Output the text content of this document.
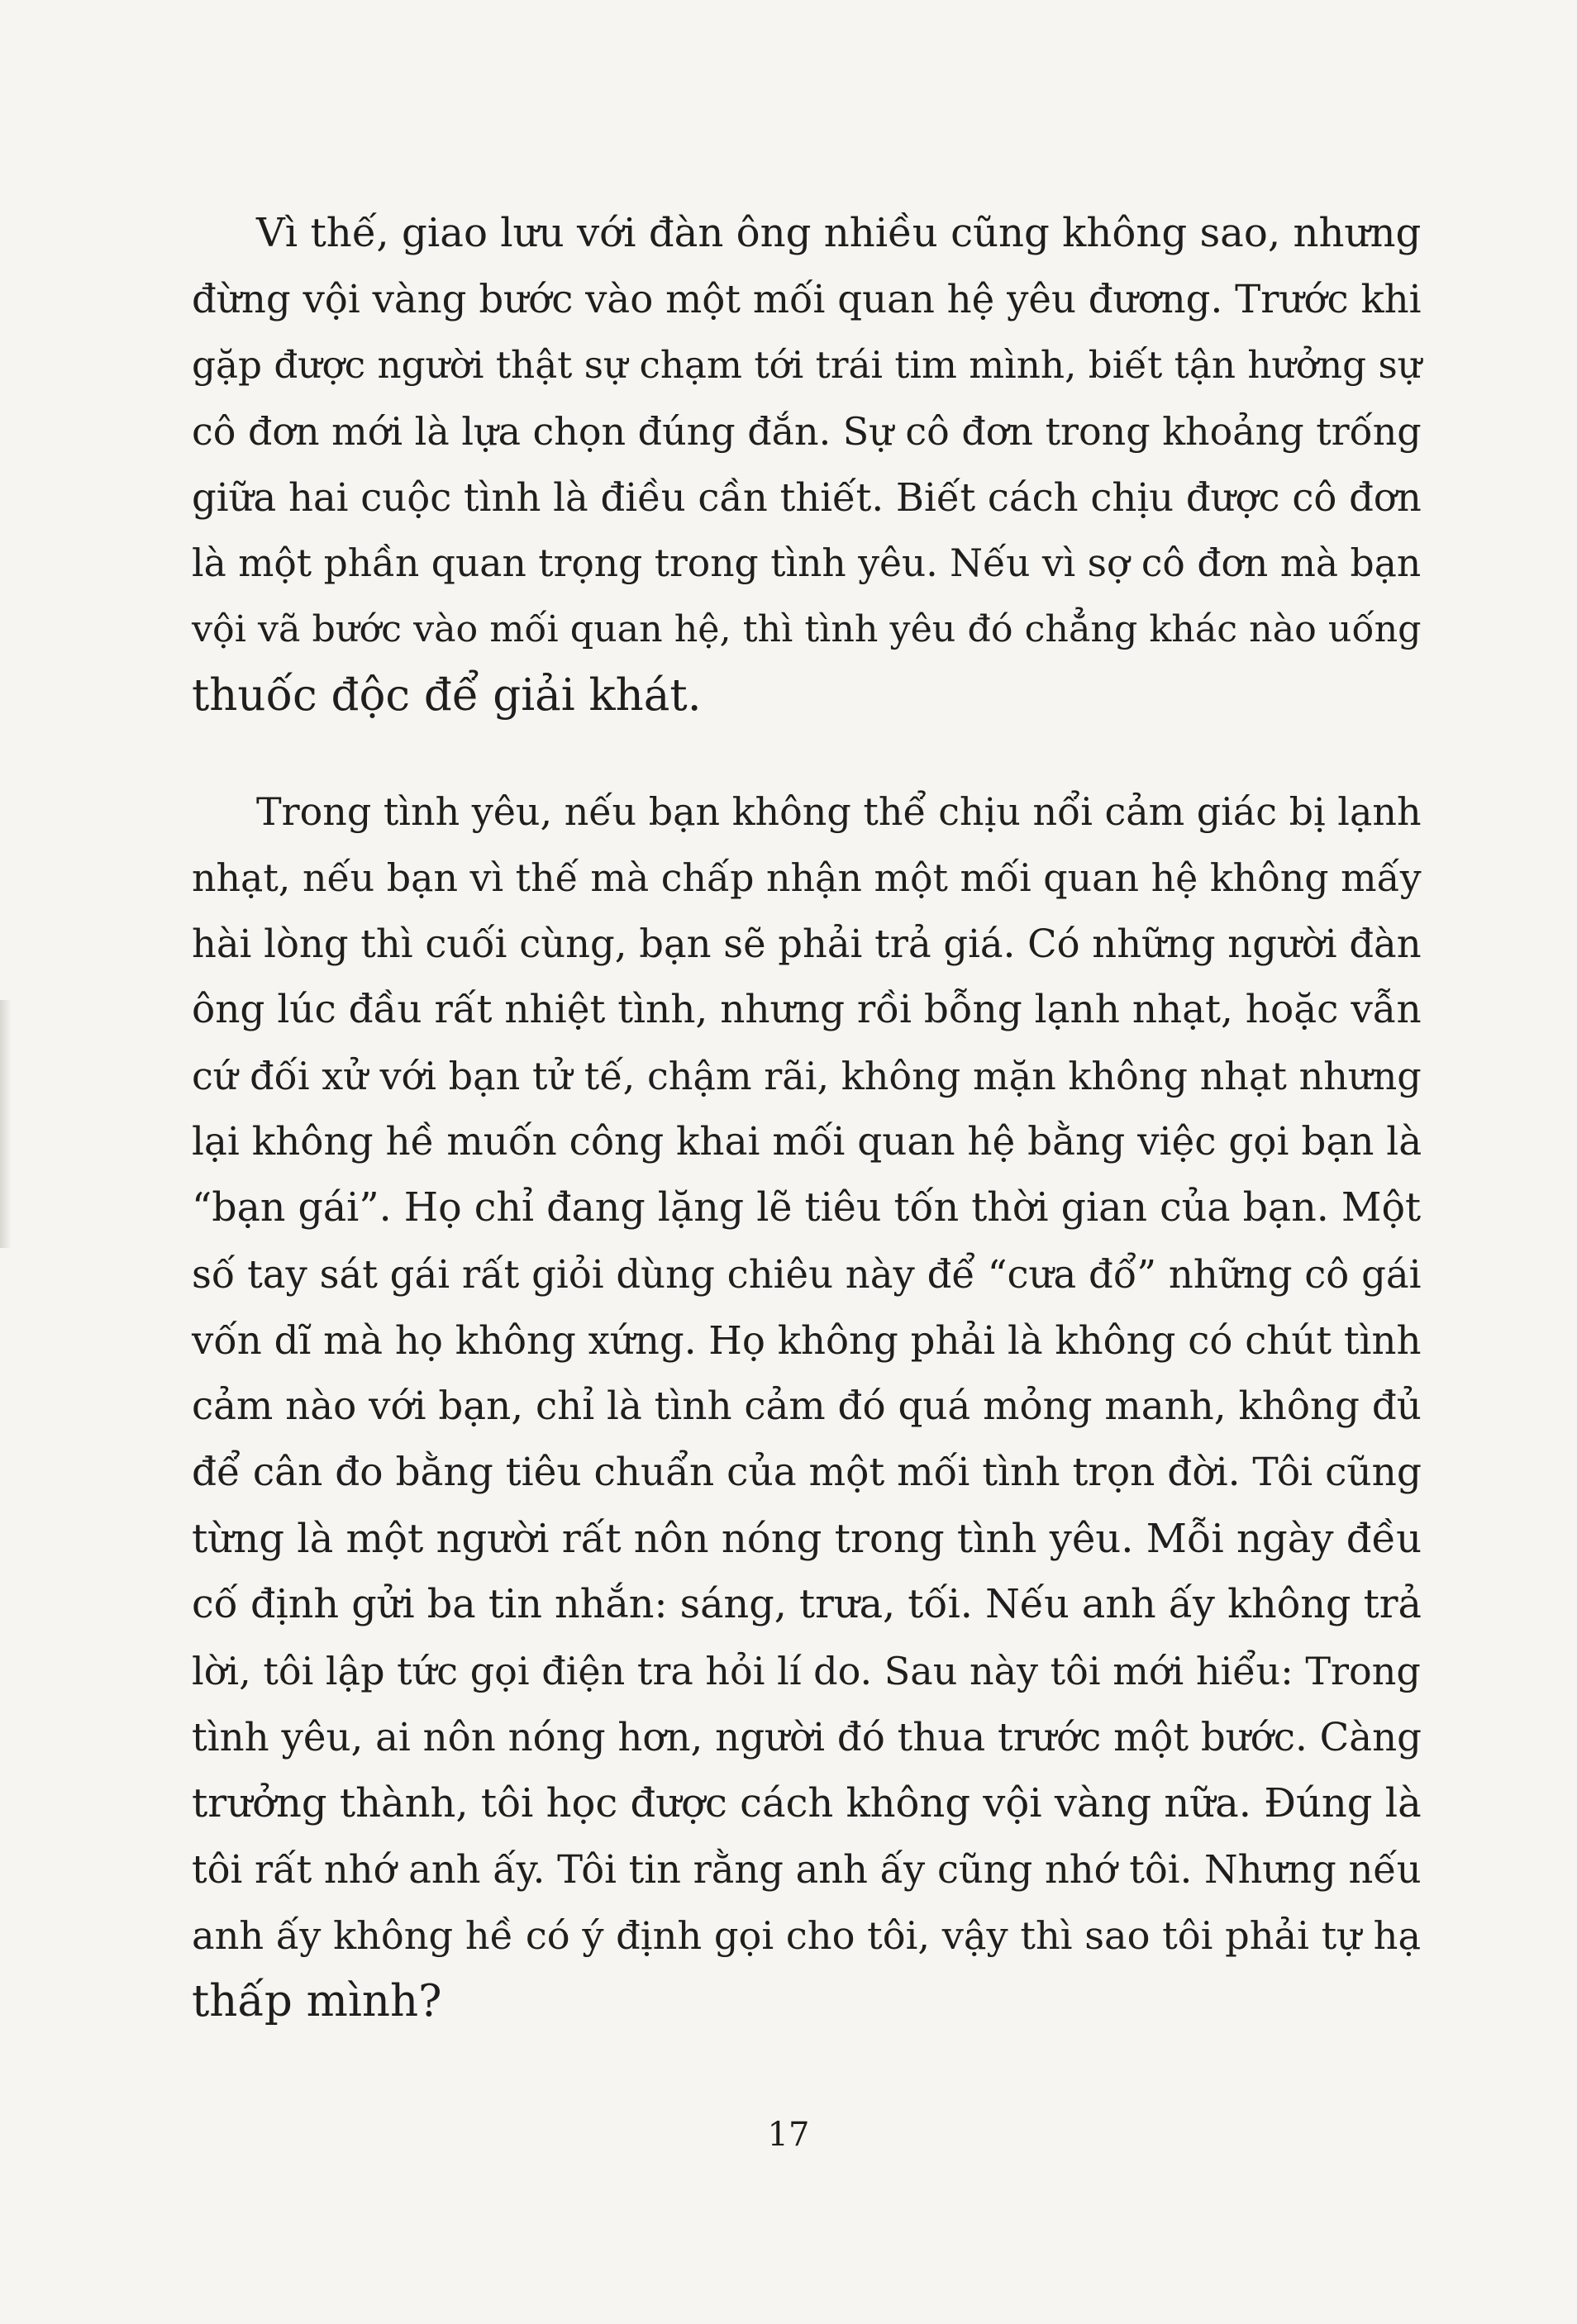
Vì thế, giao lưu với đàn ông nhiều cũng không sao, nhưng
đừng vội vàng bước vào một mối quan hệ yêu đương. Trước khi
gặp được người thật sự chạm tới trái tim mình, biết tận hưởng sự
cô đơn mới là lựa chọn đúng đắn. Sự cô đơn trong khoảng trống
giữa hai cuộc tình là điều cần thiết. Biết cách chịu được cô đơn
là một phần quan trọng trong tình yêu. Nếu vì sợ cô đơn mà bạn
vội vã bước vào mối quan hệ, thì tình yêu đó chẳng khác nào uống
thuốc độc để giải khát.
Trong tình yêu, nếu bạn không thể chịu nổi cảm giác bị lạnh
nhạt, nếu bạn vì thế mà chấp nhận một mối quan hệ không mấy
hài lòng thì cuối cùng, bạn sẽ phải trả giá. Có những người đàn
ông lúc đầu rất nhiệt tình, nhưng rồi bỗng lạnh nhạt, hoặc vẫn
cứ đối xử với bạn tử tế, chậm rãi, không mặn không nhạt nhưng
lại không hề muốn công khai mối quan hệ bằng việc gọi bạn là
“bạn gái”. Họ chỉ đang lặng lẽ tiêu tốn thời gian của bạn. Một
số tay sát gái rất giỏi dùng chiêu này để “cưa đổ” những cô gái
vốn dĩ mà họ không xứng. Họ không phải là không có chút tình
cảm nào với bạn, chỉ là tình cảm đó quá mỏng manh, không đủ
để cân đo bằng tiêu chuẩn của một mối tình trọn đời. Tôi cũng
từng là một người rất nôn nóng trong tình yêu. Mỗi ngày đều
cố định gửi ba tin nhắn: sáng, trưa, tối. Nếu anh ấy không trả
lời, tôi lập tức gọi điện tra hỏi lí do. Sau này tôi mới hiểu: Trong
tình yêu, ai nôn nóng hơn, người đó thua trước một bước. Càng
trưởng thành, tôi học được cách không vội vàng nữa. Đúng là
tôi rất nhớ anh ấy. Tôi tin rằng anh ấy cũng nhớ tôi. Nhưng nếu
anh ấy không hề có ý định gọi cho tôi, vậy thì sao tôi phải tự hạ
thấp mình?
17
